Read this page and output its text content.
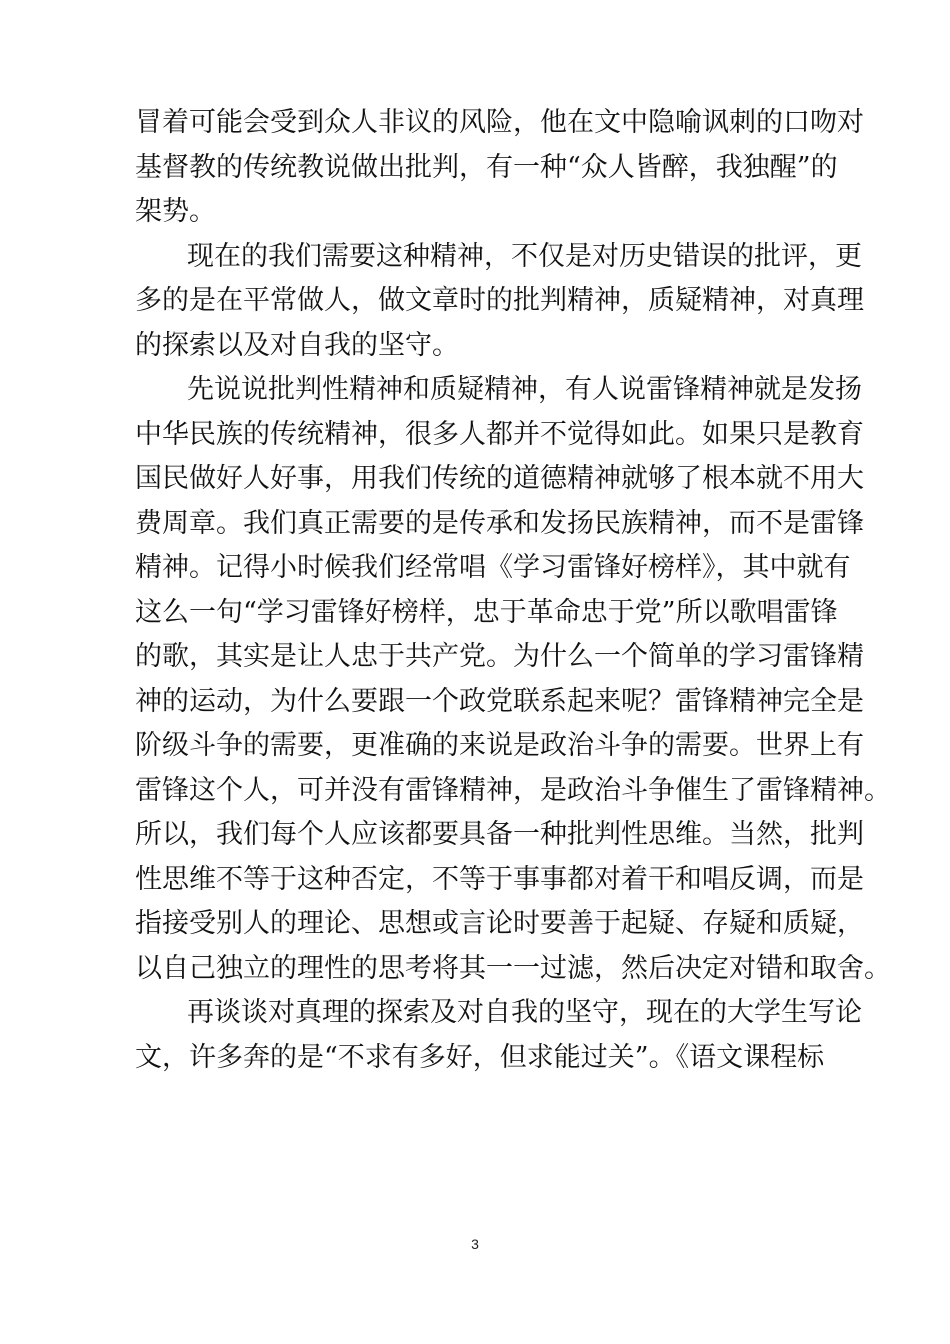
冒着可能会受到众人非议的风险，他在文中隐喻讽刺的口吻对
基督教的传统教说做出批判，有一种“众人皆醉，我独醒”的
架势。
现在的我们需要这种精神，不仅是对历史错误的批评，更
多的是在平常做人，做文章时的批判精神，质疑精神，对真理
的探索以及对自我的坚守。
先说说批判性精神和质疑精神，有人说雷锋精神就是发扬
中华民族的传统精神，很多人都并不觉得如此。如果只是教育
国民做好人好事，用我们传统的道德精神就够了根本就不用大
费周章。我们真正需要的是传承和发扬民族精神，而不是雷锋
精神。记得小时候我们经常唱《学习雷锋好榜样》，其中就有
这么一句“学习雷锋好榜样，忠于革命忠于党”所以歌唱雷锋
的歌，其实是让人忠于共产党。为什么一个简单的学习雷锋精
神的运动，为什么要跟一个政党联系起来呢？雷锋精神完全是
阶级斗争的需要，更准确的来说是政治斗争的需要。世界上有
雷锋这个人，可并没有雷锋精神，是政治斗争催生了雷锋精神。
所以，我们每个人应该都要具备一种批判性思维。当然，批判
性思维不等于这种否定，不等于事事都对着干和唱反调，而是
指接受别人的理论、思想或言论时要善于起疑、存疑和质疑，
以自己独立的理性的思考将其一一过滤，然后决定对错和取舍。
再谈谈对真理的探索及对自我的坚守，现在的大学生写论
文，许多奔的是“不求有多好，但求能过关”。《语文课程标
3
